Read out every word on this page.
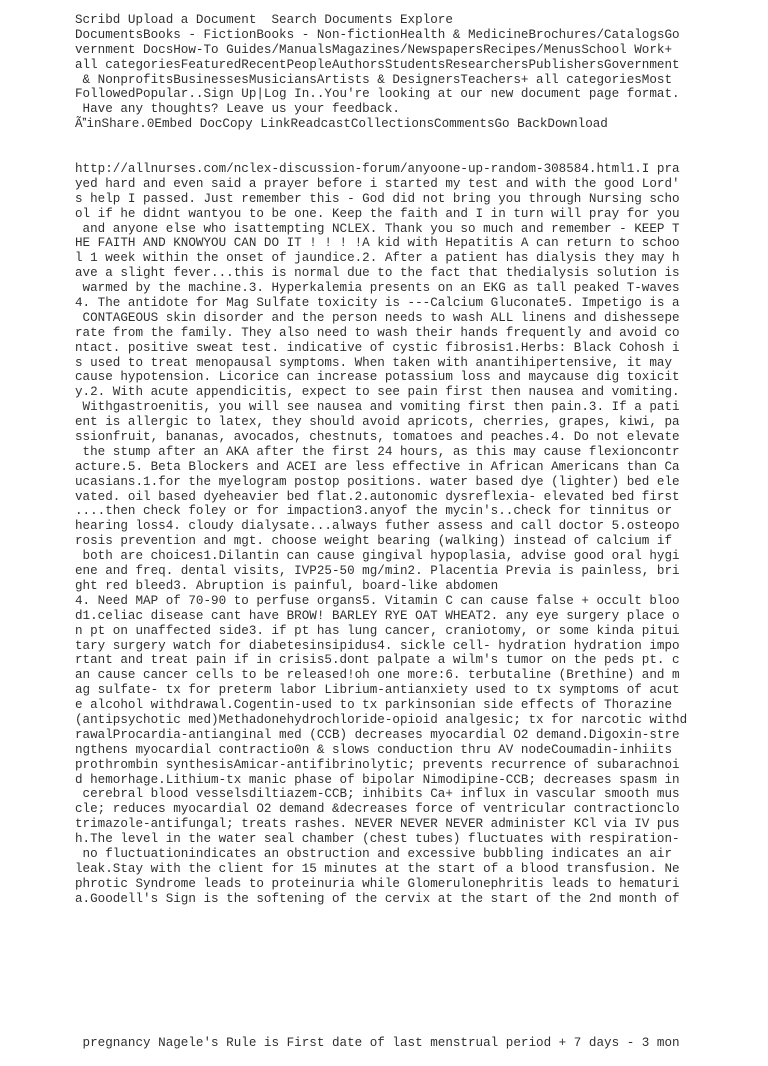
Scribd Upload a Document  Search Documents Explore
DocumentsBooks - FictionBooks - Non-fictionHealth & MedicineBrochures/CatalogsGo
vernment DocsHow-To Guides/ManualsMagazines/NewspapersRecipes/MenusSchool Work+
all categoriesFeaturedRecentPeopleAuthorsStudentsResearchersPublishersGovernment
& NonprofitsBusinessesMusiciansArtists & DesignersTeachers+ all categoriesMost
FollowedPopular..Sign Up|Log In..You're looking at our new document page format.
Have any thoughts? Leave us your feedback.
ÃinShare.0Embed DocCopy LinkReadcastCollectionsCommentsGo BackDownload
http://allnurses.com/nclex-discussion-forum/anyoone-up-random-308584.html1.I pra
yed hard and even said a prayer before i started my test and with the good Lord'
s help I passed. Just remember this - God did not bring you through Nursing scho
ol if he didnt wantyou to be one. Keep the faith and I in turn will pray for you
and anyone else who isattempting NCLEX. Thank you so much and remember - KEEP T
HE FAITH AND KNOWYOU CAN DO IT ! ! ! !A kid with Hepatitis A can return to schoo
l 1 week within the onset of jaundice.2. After a patient has dialysis they may h
ave a slight fever...this is normal due to the fact that thedialysis solution is
warmed by the machine.3. Hyperkalemia presents on an EKG as tall peaked T-waves
4. The antidote for Mag Sulfate toxicity is ---Calcium Gluconate5. Impetigo is a
CONTAGEOUS skin disorder and the person needs to wash ALL linens and dishessepe
rate from the family. They also need to wash their hands frequently and avoid co
ntact. positive sweat test. indicative of cystic fibrosis1.Herbs: Black Cohosh i
s used to treat menopausal symptoms. When taken with anantihipertensive, it may
cause hypotension. Licorice can increase potassium loss and maycause dig toxicit
y.2. With acute appendicitis, expect to see pain first then nausea and vomiting.
Withgastroenitis, you will see nausea and vomiting first then pain.3. If a pati
ent is allergic to latex, they should avoid apricots, cherries, grapes, kiwi, pa
ssionfruit, bananas, avocados, chestnuts, tomatoes and peaches.4. Do not elevate
the stump after an AKA after the first 24 hours, as this may cause flexioncontr
acture.5. Beta Blockers and ACEI are less effective in African Americans than Ca
ucasians.1.for the myelogram postop positions. water based dye (lighter) bed ele
vated. oil based dyeheavier bed flat.2.autonomic dysreflexia- elevated bed first
....then check foley or for impaction3.anyof the mycin's..check for tinnitus or
hearing loss4. cloudy dialysate...always futher assess and call doctor 5.osteopo
rosis prevention and mgt. choose weight bearing (walking) instead of calcium if
both are choices1.Dilantin can cause gingival hypoplasia, advise good oral hygi
ene and freq. dental visits, IVP25-50 mg/min2. Placentia Previa is painless, bri
ght red bleed3. Abruption is painful, board-like abdomen
4. Need MAP of 70-90 to perfuse organs5. Vitamin C can cause false + occult bloo
d1.celiac disease cant have BROW! BARLEY RYE OAT WHEAT2. any eye surgery place o
n pt on unaffected side3. if pt has lung cancer, craniotomy, or some kinda pitui
tary surgery watch for diabetesinsipidus4. sickle cell- hydration hydration impo
rtant and treat pain if in crisis5.dont palpate a wilm's tumor on the peds pt. c
an cause cancer cells to be released!oh one more:6. terbutaline (Brethine) and m
ag sulfate- tx for preterm labor Librium-antianxiety used to tx symptoms of acut
e alcohol withdrawal.Cogentin-used to tx parkinsonian side effects of Thorazine
(antipsychotic med)Methadonehydrochloride-opioid analgesic; tx for narcotic withd
rawalProcardia-antianginal med (CCB) decreases myocardial O2 demand.Digoxin-stre
ngthens myocardial contractio0n & slows conduction thru AV nodeCoumadin-inhiits
prothrombin synthesisAmicar-antifibrinolytic; prevents recurrence of subarachnoi
d hemorhage.Lithium-tx manic phase of bipolar Nimodipine-CCB; decreases spasm in
cerebral blood vesselsdiltiazem-CCB; inhibits Ca+ influx in vascular smooth mus
cle; reduces myocardial O2 demand &decreases force of ventricular contractionclo
trimazole-antifungal; treats rashes. NEVER NEVER NEVER administer KCl via IV pus
h.The level in the water seal chamber (chest tubes) fluctuates with respiration-
no fluctuationindicates an obstruction and excessive bubbling indicates an air
leak.Stay with the client for 15 minutes at the start of a blood transfusion. Ne
phrotic Syndrome leads to proteinuria while Glomerulonephritis leads to hematuri
a.Goodell's Sign is the softening of the cervix at the start of the 2nd month of

pregnancy Nagele's Rule is First date of last menstrual period + 7 days - 3 mon
